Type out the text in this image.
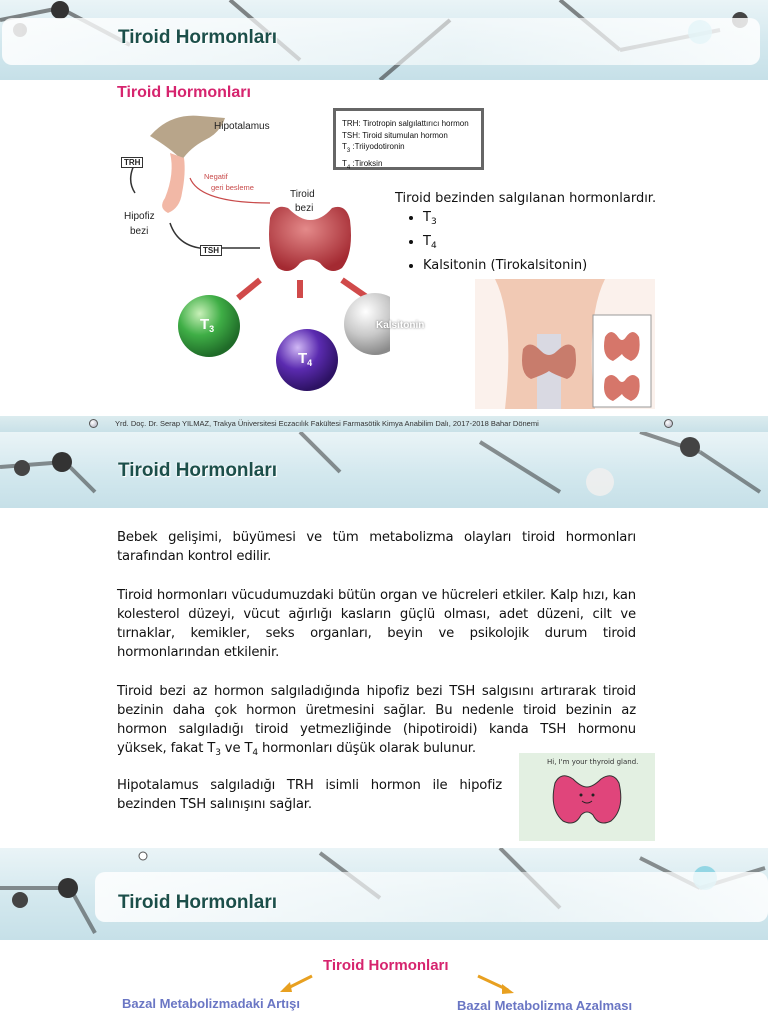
Tiroid Hormonları
Tiroid Hormonları
Hipotalamus
TRH
Negatif
geri besleme
Tiroid
bezi
Hipofiz
bezi
TSH
$T_3$
$T_4$
Kalsitonin
TRH: Tirotropin salgılattırıcı hormon
TSH: Tiroid situmulan hormon
$T_3$ :Triiyodotironin
$T_4$ :Tiroksin
Tiroid bezinden salgılanan hormonlardır.
• $T_3$
• $T_4$
• Kalsitonin (Tirokalsitonin)
Yrd. Doç. Dr. Serap YILMAZ, Trakya Üniversitesi Eczacılık Fakültesi Farmasötik Kimya Anabilim Dalı, 2017-2018 Bahar Dönemi
Tiroid Hormonları

Bebek gelişimi, büyümesi ve tüm metabolizma olayları tiroid hormonları tarafından kontrol edilir.

Tiroid hormonları vücudumuzdaki bütün organ ve hücreleri etkiler. Kalp hızı, kan kolesterol düzeyi, vücut ağırlığı kasların güçlü olması, adet düzeni, cilt ve tırnaklar, kemikler, seks organları, beyin ve psikolojik durum tiroid hormonlarından etkilenir.

Tiroid bezi az hormon salgıladığında hipofiz bezi TSH salgısını artırarak tiroid bezinin daha çok hormon üretmesini sağlar. Bu nedenle tiroid bezinin az hormon salgıladığı tiroid yetmezliğinde (hipotiroidi) kanda TSH hormonu yüksek, fakat $T_3$ ve $T_4$ hormonları düşük olarak bulunur.

Hipotalamus salgıladığı TRH isimli hormon ile hipofiz bezinden TSH salınışını sağlar.

Hi, I'm your thyroid gland.
Tiroid Hormonları
Tiroid Hormonları
Bazal Metabolizmadaki Artışı	Bazal Metabolizma Azalması
